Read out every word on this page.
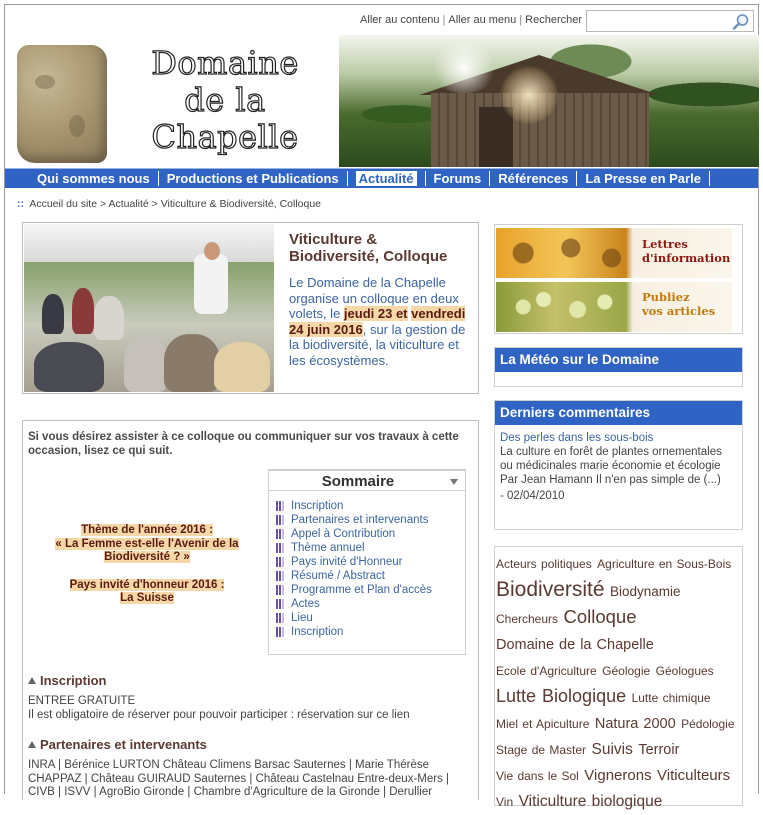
Aller au contenu | Aller au menu | Rechercher
Domaine
de la
Chapelle
Qui sommes nous	Productions et Publications	Actualité	Forums	Références	La Presse en Parle
:: Accueil du site > Actualité > Viticulture & Biodiversité, Colloque
Viticulture & Biodiversité, Colloque
Le Domaine de la Chapelle organise un colloque en deux volets, le jeudi 23 et vendredi 24 juin 2016, sur la gestion de la biodiversité, la viticulture et les écosystèmes.
Si vous désirez assister à ce colloque ou communiquer sur vos travaux à cette occasion, lisez ce qui suit.

Thème de l'année 2016 :
« La Femme est-elle l'Avenir de la
Biodiversité ? »

Pays invité d'honneur 2016 :
La Suisse

Sommaire
Inscription
Partenaires et intervenants
Appel à Contribution
Thème annuel
Pays invité d'Honneur
Résumé / Abstract
Programme et Plan d'accès
Actes
Lieu
Inscription
Inscription
ENTREE GRATUITE
Il est obligatoire de réserver pour pouvoir participer : réservation sur ce lien
Partenaires et intervenants
INRA | Bérénice LURTON Château Climens Barsac Sauternes | Marie Thérèse CHAPPAZ | Château GUIRAUD Sauternes | Château Castelnau Entre-deux-Mers | CIVB | ISVV | AgroBio Gironde | Chambre d'Agriculture de la Gironde | Derullier
Lettres
d'information
Publiez
vos articles
La Météo sur le Domaine
Derniers commentaires
Des perles dans les sous-bois
La culture en forêt de plantes ornementales ou médicinales marie économie et écologie Par Jean Hamann Il n'en pas simple de (...)
- 02/04/2010
Acteurs politiques Agriculture en Sous-Bois Biodiversité Biodynamie Chercheurs Colloque Domaine de la Chapelle Ecole d'Agriculture Géologie Géologues Lutte Biologique Lutte chimique Miel et Apiculture Natura 2000 Pédologie Stage de Master Suivis Terroir Vie dans le Sol Vignerons Viticulteurs Vin Viticulture biologique
